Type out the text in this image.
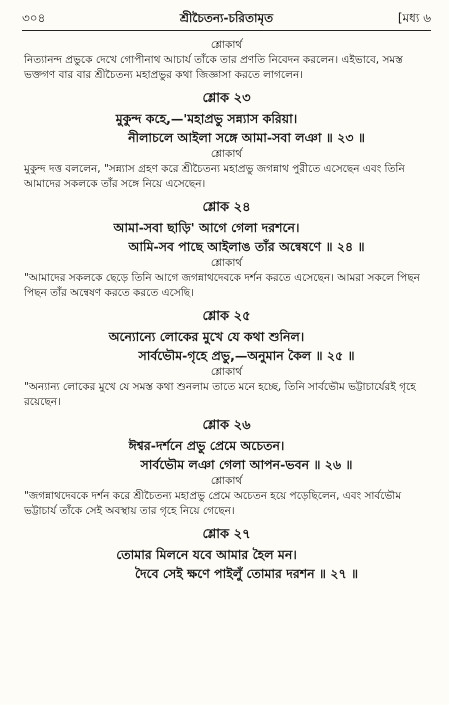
৩০৪	শ্রীচৈতন্য-চরিতামৃত	[মধ্য ৬
শ্লোকার্থ
নিত্যানন্দ প্রভুকে দেখে গোপীনাথ আচার্য তাঁকে তার প্রণতি নিবেদন করলেন। এইভাবে, সমস্ত ভক্তগণ বার বার শ্রীচৈতন্য মহাপ্রভুর কথা জিজ্ঞাসা করতে লাগলেন।
শ্লোক ২৩
মুকুন্দ কহে,—'মহাপ্রভু সন্ন্যাস করিয়া।
নীলাচলে আইলা সঙ্গে আমা-সবা লঞা ॥ ২৩ ॥
শ্লোকার্থ
মুকুন্দ দত্ত বললেন, "সন্ন্যাস গ্রহণ করে শ্রীচৈতন্য মহাপ্রভু জগন্নাথ পুরীতে এসেছেন এবং তিনি আমাদের সকলকে তাঁর সঙ্গে নিয়ে এসেছেন।
শ্লোক ২৪
আমা-সবা ছাড়ি' আগে গেলা দরশনে।
আমি-সব পাছে আইলাঙ তাঁর অন্বেষণে ॥ ২৪ ॥
শ্লোকার্থ
"আমাদের সকলকে ছেড়ে তিনি আগে জগন্নাথদেবকে দর্শন করতে এসেছেন। আমরা সকলে পিছন পিছন তাঁর অন্বেষণ করতে করতে এসেছি।
শ্লোক ২৫
অন্যোন্যে লোকের মুখে যে কথা শুনিল।
সার্বভৌম-গৃহে প্রভু,—অনুমান কৈল ॥ ২৫ ॥
শ্লোকার্থ
"অন্যান্য লোকের মুখে যে সমস্ত কথা শুনলাম তাতে মনে হচ্ছে, তিনি সার্বভৌম ভট্টাচার্যেরই গৃহে রয়েছেন।
শ্লোক ২৬
ঈশ্বর-দর্শনে প্রভু প্রেমে অচেতন।
সার্বভৌম লঞা গেলা আপন-ভবন ॥ ২৬ ॥
শ্লোকার্থ
"জগন্নাথদেবকে দর্শন করে শ্রীচৈতন্য মহাপ্রভু প্রেমে অচেতন হয়ে পড়েছিলেন, এবং সার্বভৌম ভট্টাচার্য তাঁকে সেই অবস্থায় তার গৃহে নিয়ে গেছেন।
শ্লোক ২৭
তোমার মিলনে যবে আমার হৈল মন।
দৈবে সেই ক্ষণে পাইলুঁ তোমার দরশন ॥ ২৭ ॥
